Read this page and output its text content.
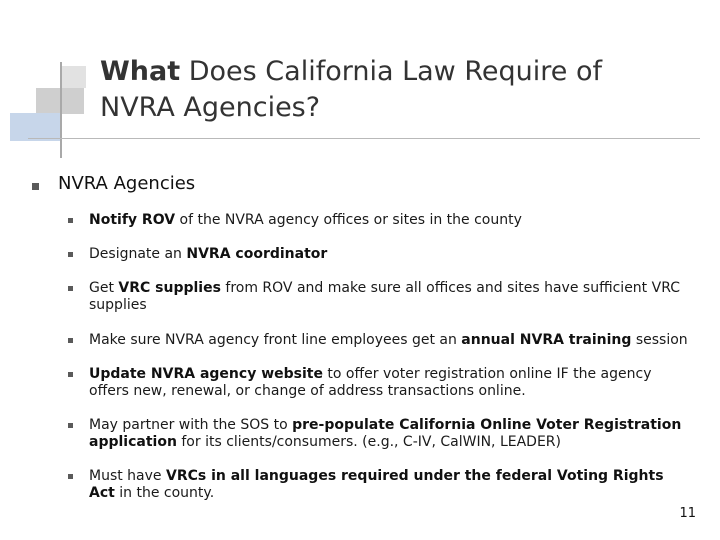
What Does California Law Require of
NVRA Agencies?
NVRA Agencies
Notify ROV of the NVRA agency offices or sites in the county
Designate an NVRA coordinator
Get VRC supplies from ROV and make sure all offices and sites have sufficient VRC supplies
Make sure NVRA agency front line employees get an annual NVRA training session
Update NVRA agency website to offer voter registration online IF the agency offers new, renewal, or change of address transactions online.
May partner with the SOS to pre-populate California Online Voter Registration application for its clients/consumers. (e.g., C-IV, CalWIN, LEADER)
Must have VRCs in all languages required under the federal Voting Rights Act in the county.
11
